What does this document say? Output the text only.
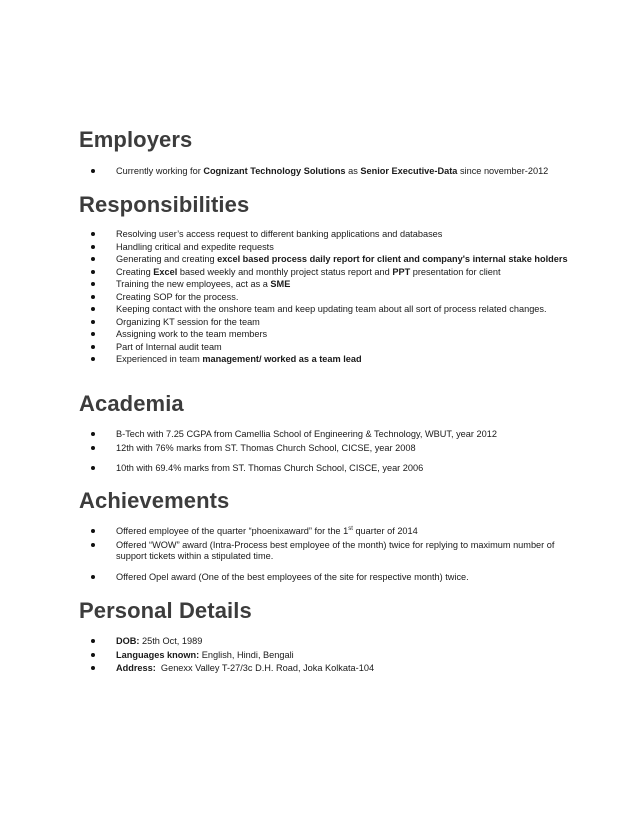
Employers
Currently working for Cognizant Technology Solutions as Senior Executive-Data since november-2012
Responsibilities
Resolving user’s access request to different banking applications and databases
Handling critical and expedite requests
Generating and creating excel based process daily report for client and company's internal stake holders
Creating Excel based weekly and monthly project status report and PPT presentation for client
Training the new employees, act as a SME
Creating SOP for the process.
Keeping contact with the onshore team and keep updating team about all sort of process related changes.
Organizing KT session for the team
Assigning work to the team members
Part of Internal audit team
Experienced in team management/ worked as a team lead
Academia
B-Tech with 7.25 CGPA from Camellia School of Engineering & Technology, WBUT, year 2012
12th with 76% marks from ST. Thomas Church School, CICSE, year 2008
10th with 69.4% marks from ST. Thomas Church School, CISCE, year 2006
Achievements
Offered employee of the quarter “phoenixaward” for the 1st quarter of 2014
Offered “WOW” award (Intra-Process best employee of the month) twice for replying to maximum number of support tickets within a stipulated time.
Offered Opel award (One of the best employees of the site for respective month) twice.
Personal Details
DOB: 25th Oct, 1989
Languages known: English, Hindi, Bengali
Address:  Genexx Valley T-27/3c D.H. Road, Joka Kolkata-104
